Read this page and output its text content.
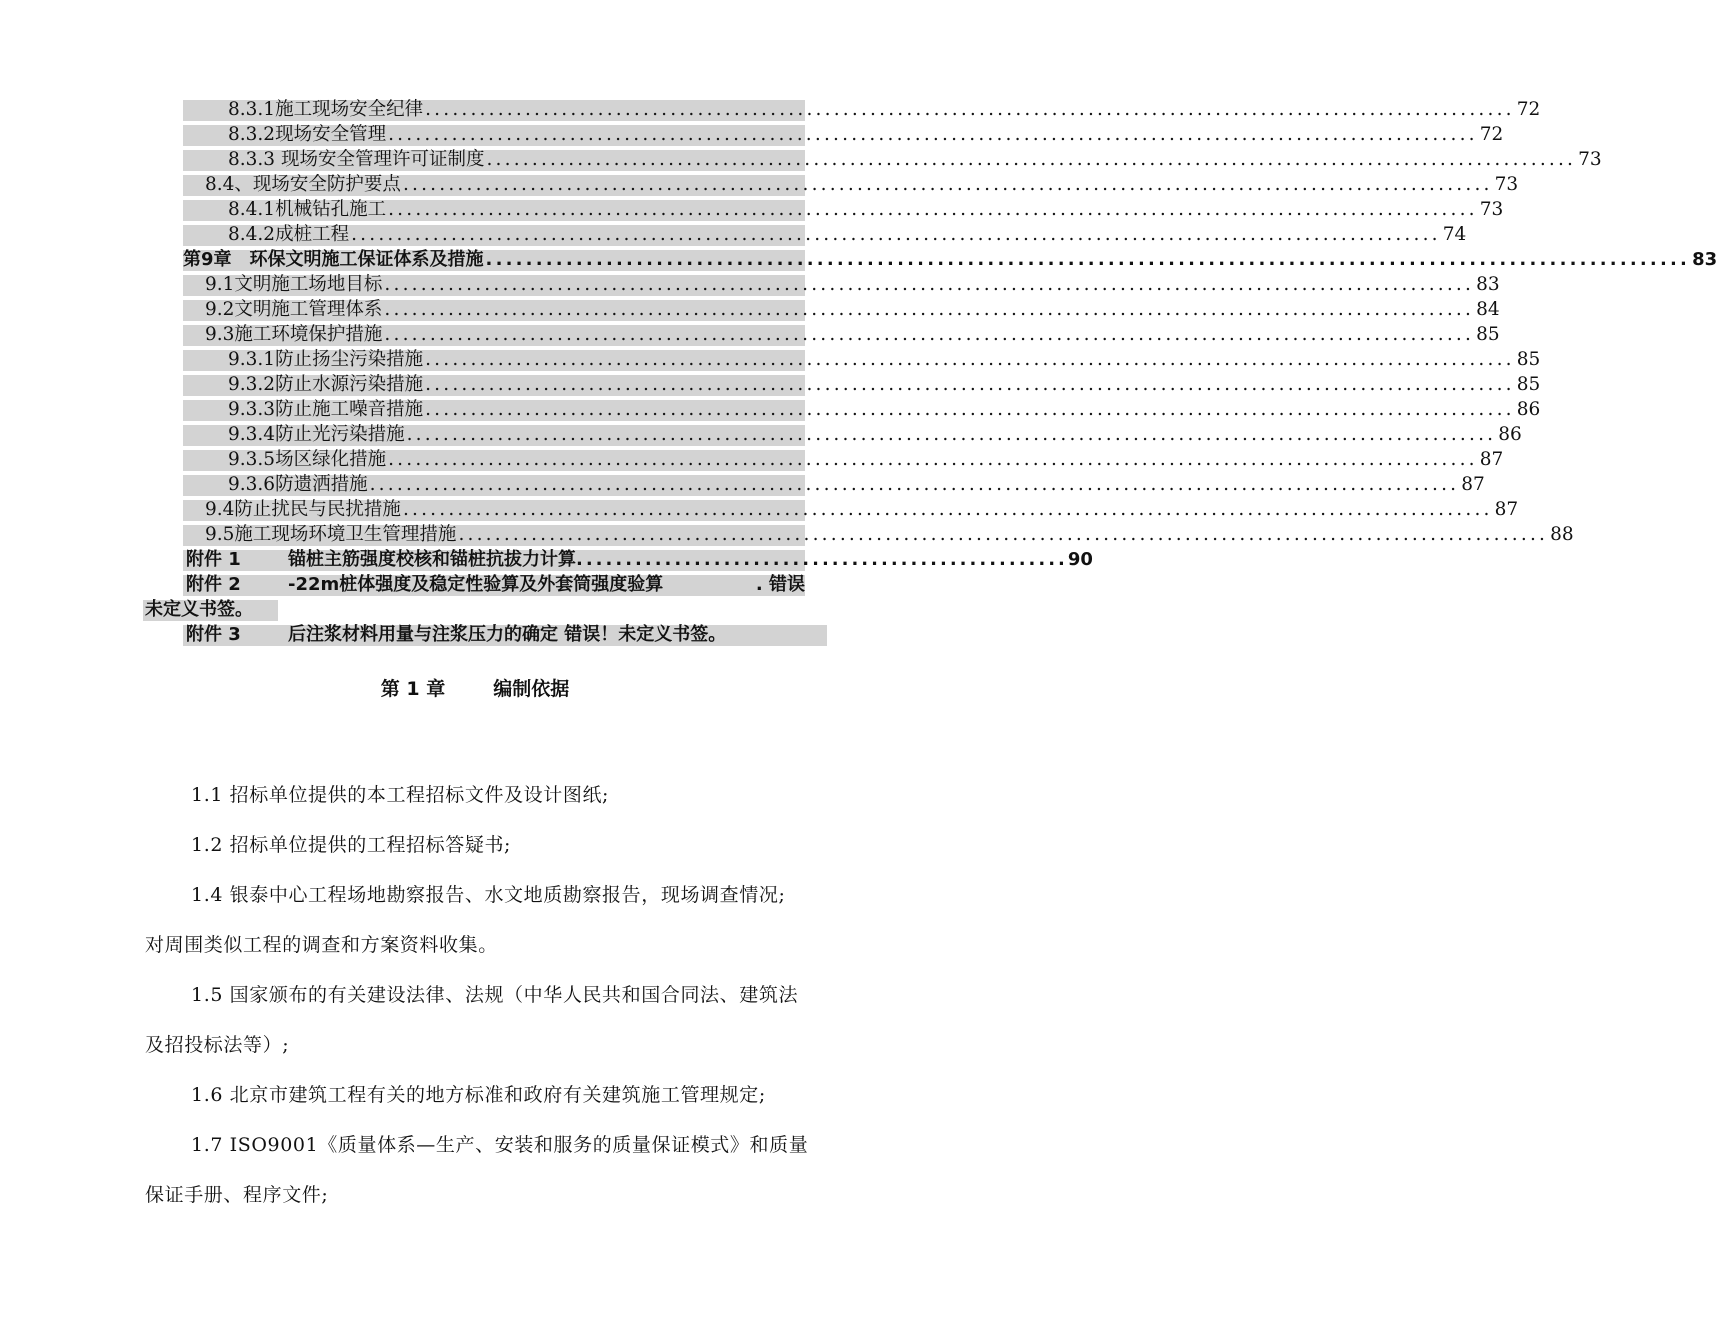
8.3.1施工现场安全纪律 ........................................................................................................................ 72
8.3.2现场安全管理 ........................................................................................................................ 72
8.3.3 现场安全管理许可证制度 ........................................................................................................................ 73
8.4、现场安全防护要点 ........................................................................................................................ 73
8.4.1机械钻孔施工 ........................................................................................................................ 73
8.4.2成桩工程 ........................................................................................................................ 74
第9章　环保文明施工保证体系及措施 ........................................................................................................................ 83
9.1文明施工场地目标 ........................................................................................................................ 83
9.2文明施工管理体系 ........................................................................................................................ 84
9.3施工环境保护措施 ........................................................................................................................ 85
9.3.1防止扬尘污染措施 ........................................................................................................................ 85
9.3.2防止水源污染措施 ........................................................................................................................ 85
9.3.3防止施工噪音措施 ........................................................................................................................ 86
9.3.4防止光污染措施 ........................................................................................................................ 86
9.3.5场区绿化措施 ........................................................................................................................ 87
9.3.6防遗洒措施 ........................................................................................................................ 87
9.4防止扰民与民扰措施 ........................................................................................................................ 87
9.5施工现场环境卫生管理措施 ........................................................................................................................ 88
附件 1	锚桩主筋强度校核和锚桩抗拔力计算 .................................................. 90
附件 2	-22m桩体强度及稳定性验算及外套筒强度验算	. 错误
未定义书签。
附件 3	后注浆材料用量与注浆压力的确定 错误！未定义书签。
第 1 章	编制依据

1.1 招标单位提供的本工程招标文件及设计图纸;

1.2 招标单位提供的工程招标答疑书;

1.4 银泰中心工程场地勘察报告、水文地质勘察报告，现场调查情况; 对周围类似工程的调查和方案资料收集。

1.5 国家颁布的有关建设法律、法规（中华人民共和国合同法、建筑法及招投标法等）;

1.6 北京市建筑工程有关的地方标准和政府有关建筑施工管理规定;

1.7 ISO9001《质量体系—生产、安装和服务的质量保证模式》和质量保证手册、程序文件;
